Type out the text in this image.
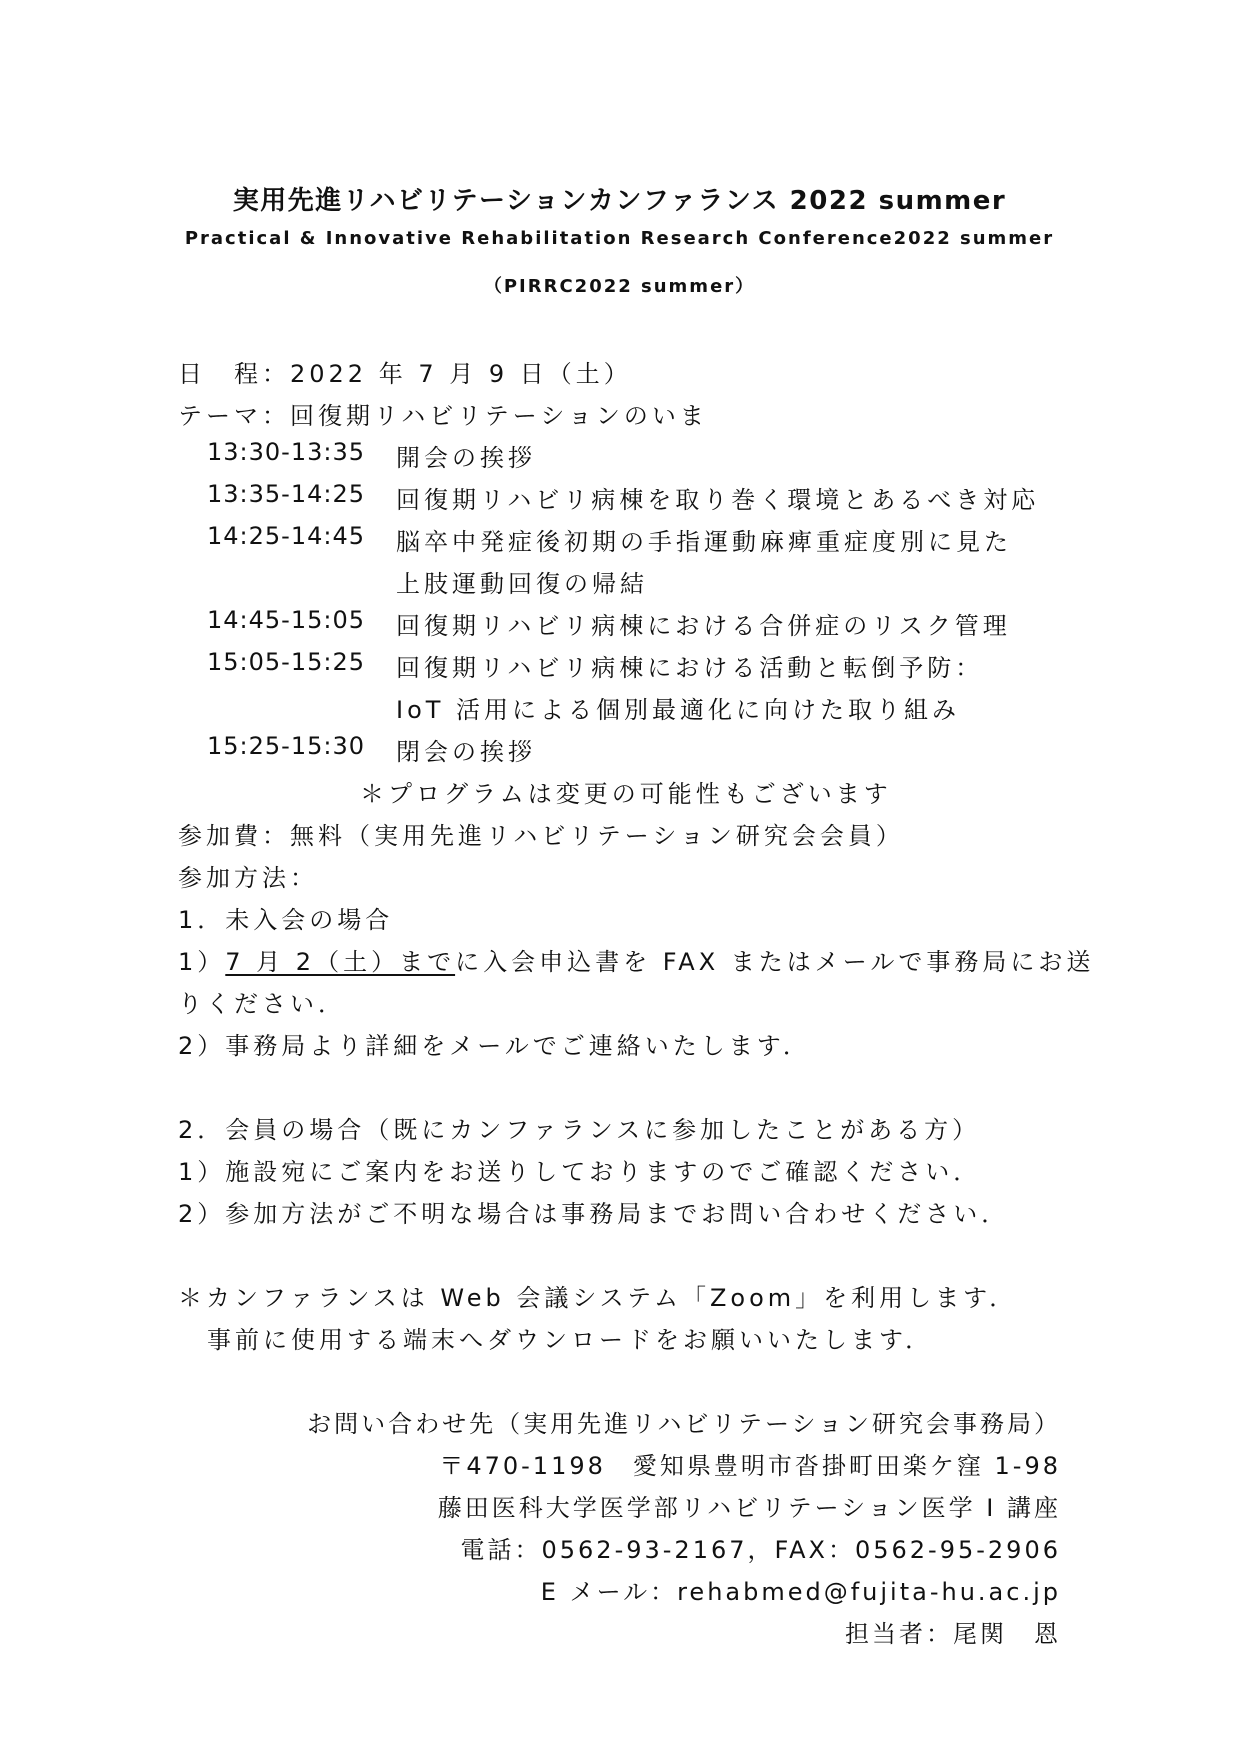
実用先進リハビリテーションカンファランス 2022 summer
Practical & Innovative Rehabilitation Research Conference2022 summer
（PIRRC2022 summer）
日　程：2022 年 7 月 9 日（土）
テーマ：回復期リハビリテーションのいま
13:30-13:35 開会の挨拶
13:35-14:25 回復期リハビリ病棟を取り巻く環境とあるべき対応
14:25-14:45 脳卒中発症後初期の手指運動麻痺重症度別に見た
上肢運動回復の帰結
14:45-15:05 回復期リハビリ病棟における合併症のリスク管理
15:05-15:25 回復期リハビリ病棟における活動と転倒予防：
IoT 活用による個別最適化に向けた取り組み
15:25-15:30 閉会の挨拶
＊プログラムは変更の可能性もございます
参加費：無料（実用先進リハビリテーション研究会会員）
参加方法：
1．未入会の場合
1）7 月 2（土）までに入会申込書を FAX またはメールで事務局にお送
りください．
2）事務局より詳細をメールでご連絡いたします．
2．会員の場合（既にカンファランスに参加したことがある方）
1）施設宛にご案内をお送りしておりますのでご確認ください．
2）参加方法がご不明な場合は事務局までお問い合わせください．
＊カンファランスは Web 会議システム「Zoom」を利用します．
事前に使用する端末へダウンロードをお願いいたします．
お問い合わせ先（実用先進リハビリテーション研究会事務局）
〒470-1198　愛知県豊明市沓掛町田楽ケ窪 1-98
藤田医科大学医学部リハビリテーション医学 I 講座
電話：0562-93-2167，FAX：0562-95-2906
E メール：rehabmed@fujita-hu.ac.jp
担当者：尾関　恩
